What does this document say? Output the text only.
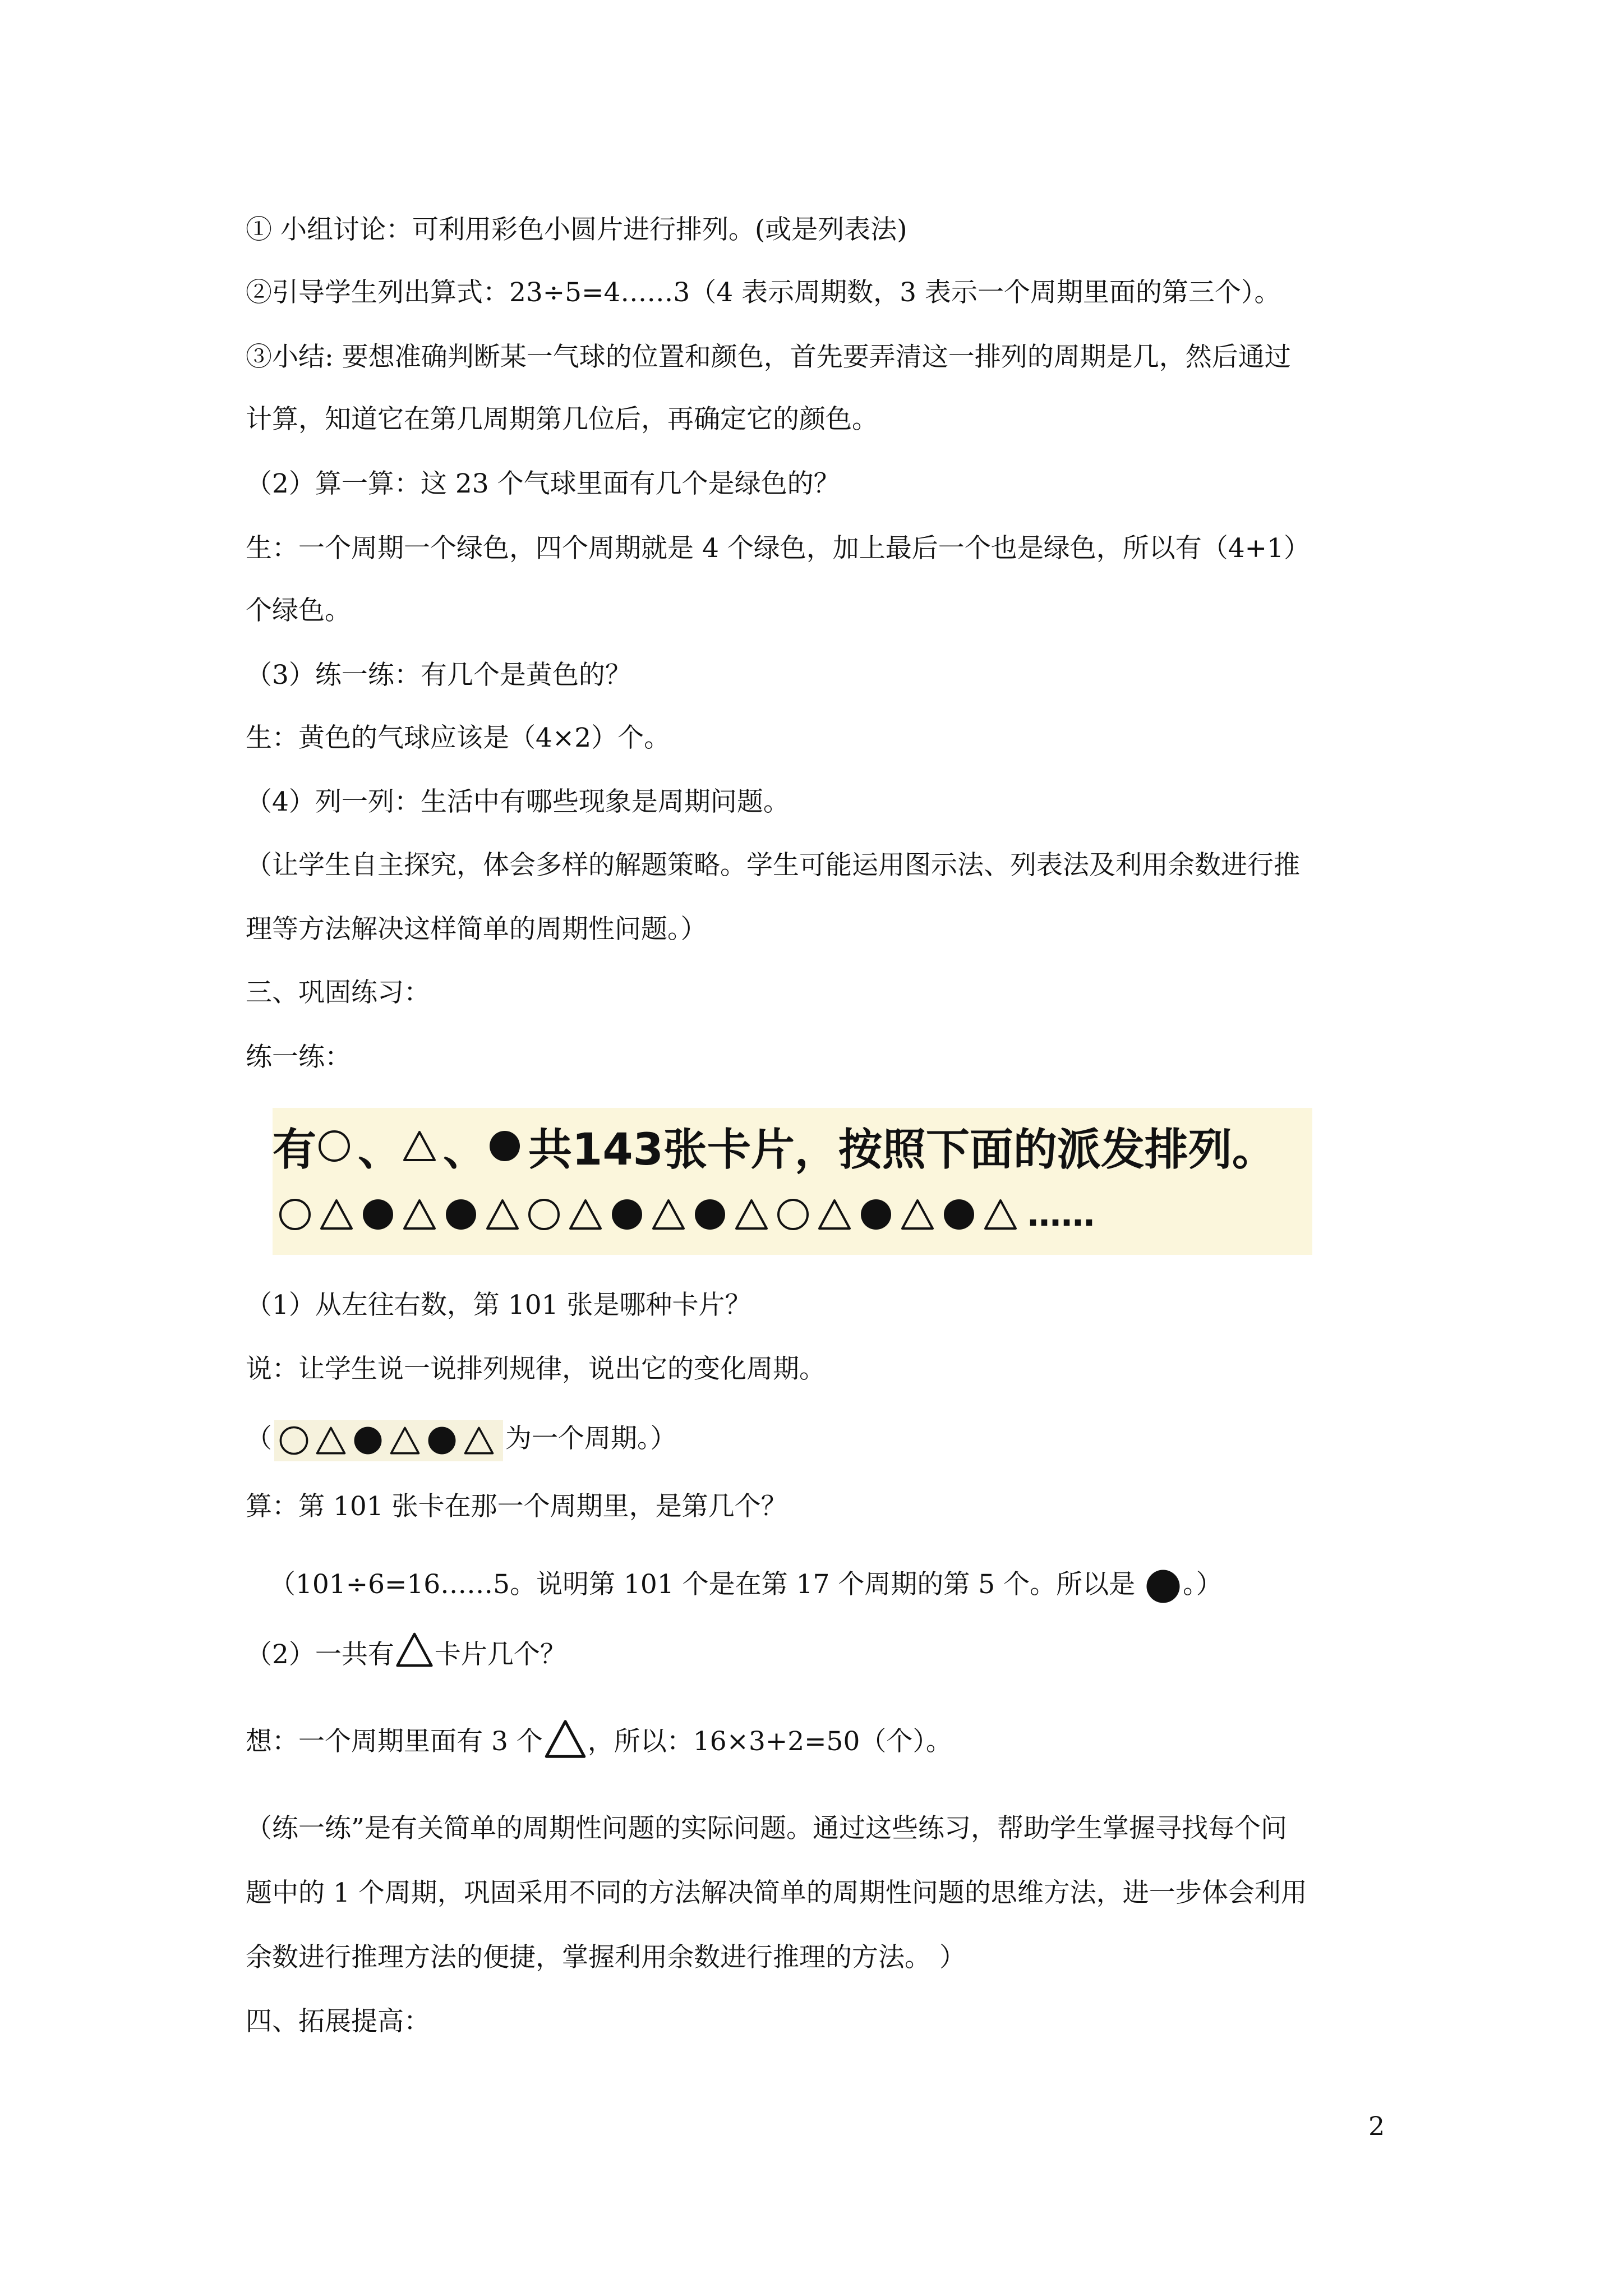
① 小组讨论：可利用彩色小圆片进行排列。(或是列表法)
②引导学生列出算式：23÷5=4……3（4 表示周期数，3 表示一个周期里面的第三个）。
③小结: 要想准确判断某一气球的位置和颜色，首先要弄清这一排列的周期是几，然后通过
计算，知道它在第几周期第几位后，再确定它的颜色。
（2）算一算：这 23 个气球里面有几个是绿色的？
生：一个周期一个绿色，四个周期就是 4 个绿色，加上最后一个也是绿色，所以有（4+1）
个绿色。
（3）练一练：有几个是黄色的？
生：黄色的气球应该是（4×2）个。
（4）列一列：生活中有哪些现象是周期问题。
（让学生自主探究，体会多样的解题策略。学生可能运用图示法、列表法及利用余数进行推
理等方法解决这样简单的周期性问题。）
三、巩固练习：
练一练：
有 、 、 共143张卡片，按照下面的派发排列。
……
（1）从左往右数，第 101 张是哪种卡片？
说：让学生说一说排列规律，说出它的变化周期。
（	为一个周期。）
算：第 101 张卡在那一个周期里，是第几个？
（101÷6=16……5。说明第 101 个是在第 17 个周期的第 5 个。所以是 。）
（2）一共有 卡片几个？
想：一个周期里面有 3 个 ，所以：16×3+2=50（个）。
（练一练”是有关简单的周期性问题的实际问题。通过这些练习，帮助学生掌握寻找每个问
题中的 1 个周期，巩固采用不同的方法解决简单的周期性问题的思维方法，进一步体会利用
余数进行推理方法的便捷，掌握利用余数进行推理的方法。 ）
四、拓展提高：
2
